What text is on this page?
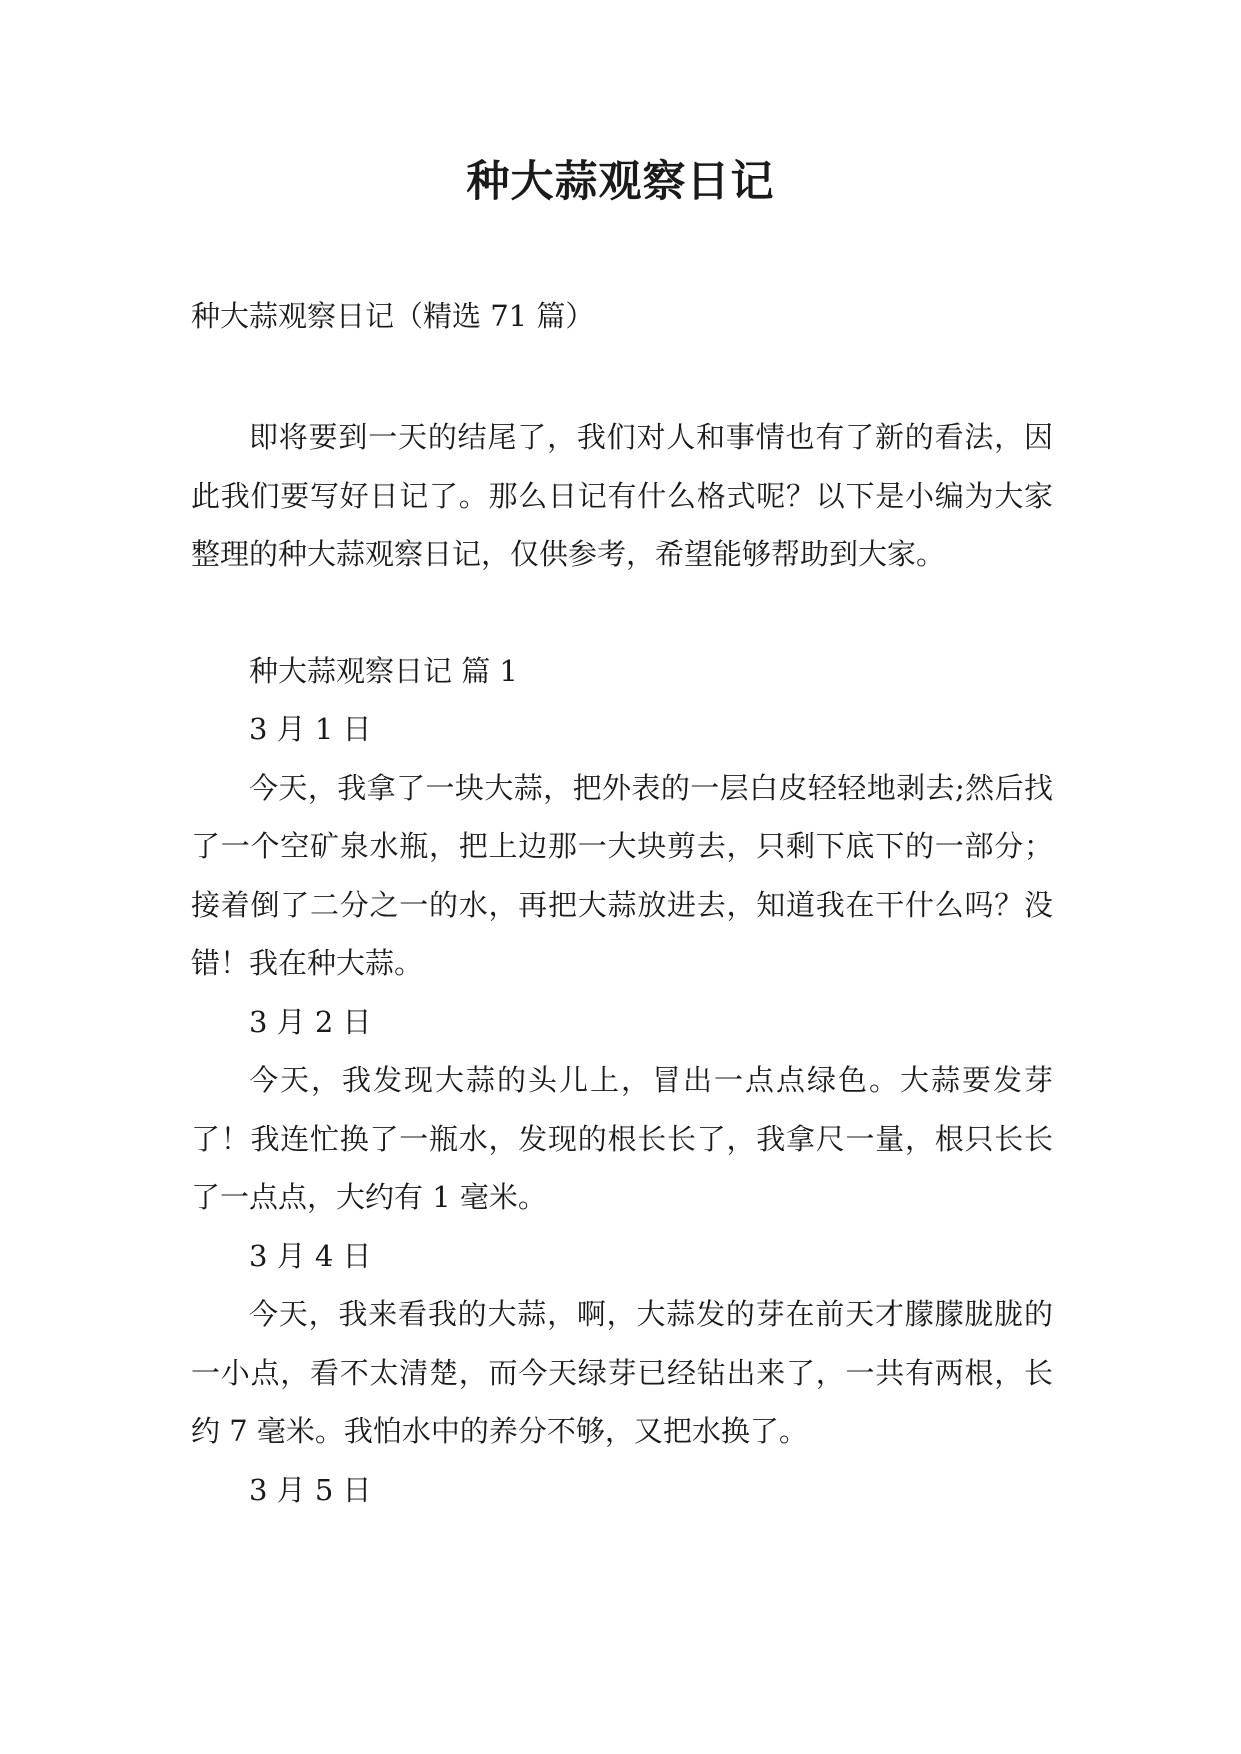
种大蒜观察日记

种大蒜观察日记（精选 71 篇）

即将要到一天的结尾了，我们对人和事情也有了新的看法，因此我们要写好日记了。那么日记有什么格式呢？以下是小编为大家整理的种大蒜观察日记，仅供参考，希望能够帮助到大家。

种大蒜观察日记 篇 1

3 月 1 日

今天，我拿了一块大蒜，把外表的一层白皮轻轻地剥去;然后找了一个空矿泉水瓶，把上边那一大块剪去，只剩下底下的一部分；接着倒了二分之一的水，再把大蒜放进去，知道我在干什么吗？没错！我在种大蒜。

3 月 2 日

今天，我发现大蒜的头儿上，冒出一点点绿色。大蒜要发芽了！我连忙换了一瓶水，发现的根长长了，我拿尺一量，根只长长了一点点，大约有 1 毫米。

3 月 4 日

今天，我来看我的大蒜，啊，大蒜发的芽在前天才朦朦胧胧的一小点，看不太清楚，而今天绿芽已经钻出来了，一共有两根，长约 7 毫米。我怕水中的养分不够，又把水换了。

3 月 5 日
